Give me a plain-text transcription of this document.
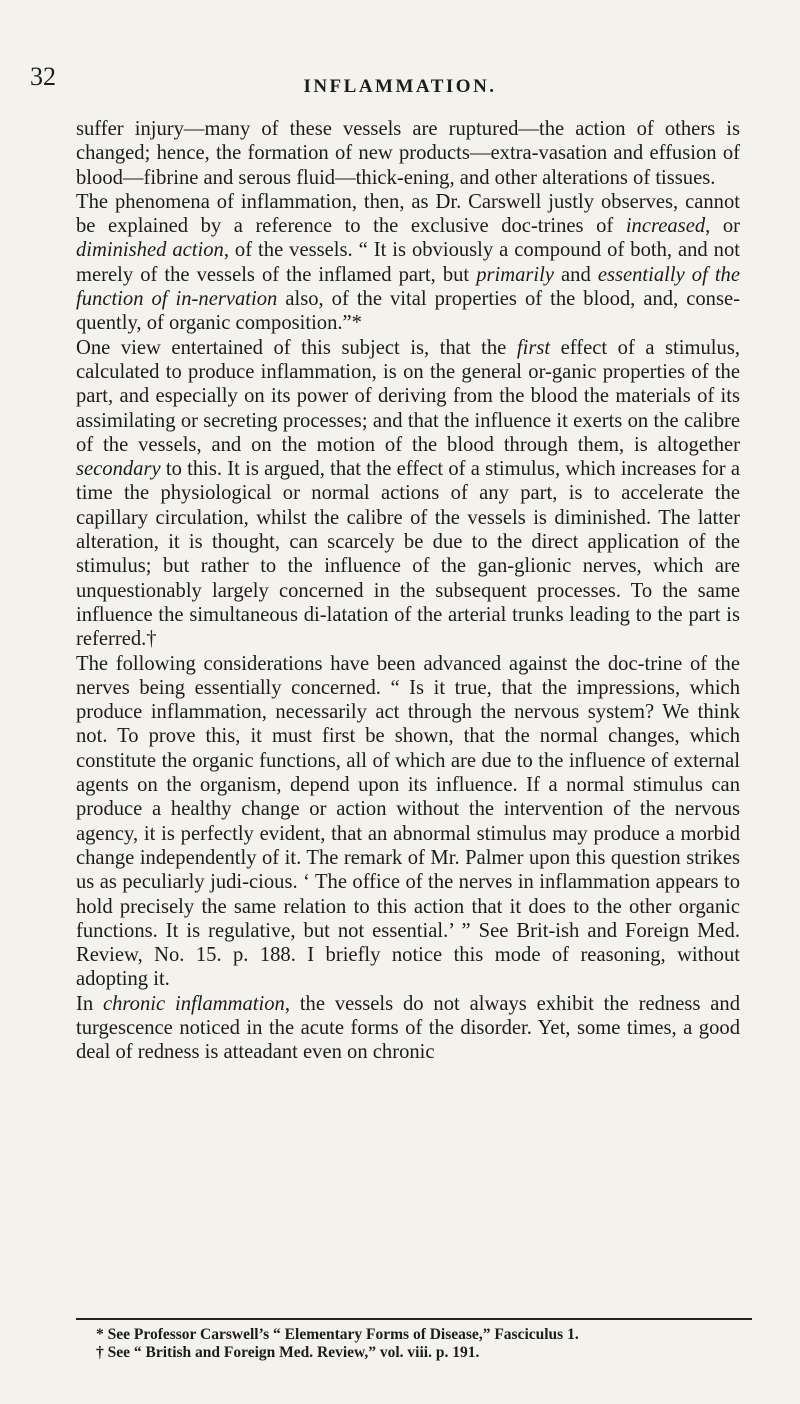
32	INFLAMMATION.

suffer injury—many of these vessels are ruptured—the action of others is changed; hence, the formation of new products—extra-vasation and effusion of blood—fibrine and serous fluid—thick-ening, and other alterations of tissues.

The phenomena of inflammation, then, as Dr. Carswell justly observes, cannot be explained by a reference to the exclusive doc-trines of increased, or diminished action, of the vessels. “ It is obviously a compound of both, and not merely of the vessels of the inflamed part, but primarily and essentially of the function of in-nervation also, of the vital properties of the blood, and, conse-quently, of organic composition.”*

One view entertained of this subject is, that the first effect of a stimulus, calculated to produce inflammation, is on the general or-ganic properties of the part, and especially on its power of deriving from the blood the materials of its assimilating or secreting processes; and that the influence it exerts on the calibre of the vessels, and on the motion of the blood through them, is altogether secondary to this. It is argued, that the effect of a stimulus, which increases for a time the physiological or normal actions of any part, is to accelerate the capillary circulation, whilst the calibre of the vessels is diminished. The latter alteration, it is thought, can scarcely be due to the direct application of the stimulus; but rather to the influence of the gan-glionic nerves, which are unquestionably largely concerned in the subsequent processes. To the same influence the simultaneous di-latation of the arterial trunks leading to the part is referred.†

The following considerations have been advanced against the doc-trine of the nerves being essentially concerned. “ Is it true, that the impressions, which produce inflammation, necessarily act through the nervous system? We think not. To prove this, it must first be shown, that the normal changes, which constitute the organic functions, all of which are due to the influence of external agents on the organism, depend upon its influence. If a normal stimulus can produce a healthy change or action without the intervention of the nervous agency, it is perfectly evident, that an abnormal stimulus may produce a morbid change independently of it. The remark of Mr. Palmer upon this question strikes us as peculiarly judi-cious. ‘ The office of the nerves in inflammation appears to hold precisely the same relation to this action that it does to the other organic functions. It is regulative, but not essential.’ ” See Brit-ish and Foreign Med. Review, No. 15. p. 188. I briefly notice this mode of reasoning, without adopting it.

In chronic inflammation, the vessels do not always exhibit the redness and turgescence noticed in the acute forms of the disorder. Yet, some times, a good deal of redness is atteadant even on chronic

* See Professor Carswell’s “ Elementary Forms of Disease,” Fasciculus 1.
† See “ British and Foreign Med. Review,” vol. viii. p. 191.
